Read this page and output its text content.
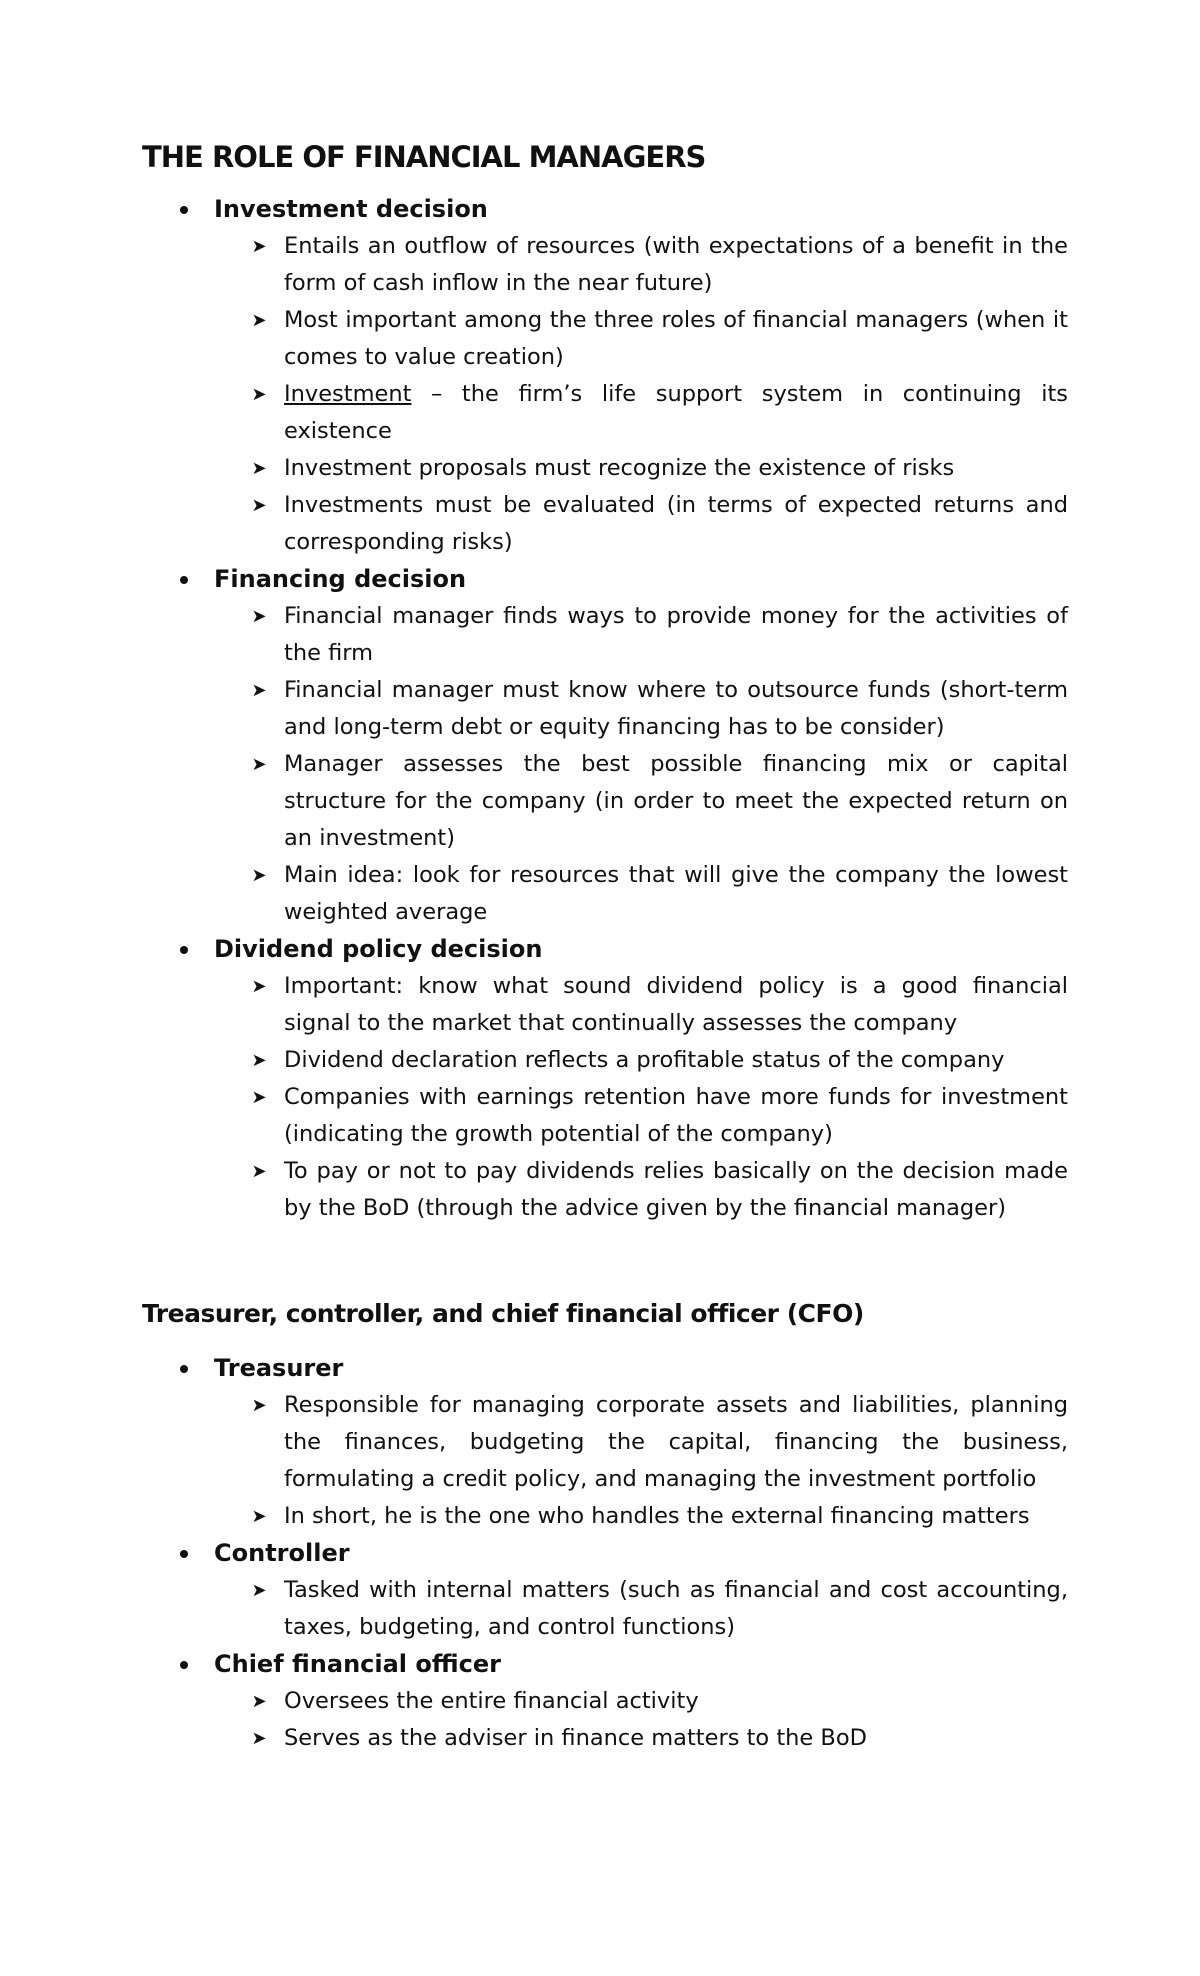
THE ROLE OF FINANCIAL MANAGERS
Investment decision
➤ Entails an outflow of resources (with expectations of a benefit in the form of cash inflow in the near future)
➤ Most important among the three roles of financial managers (when it comes to value creation)
➤ Investment – the firm’s life support system in continuing its existence
➤ Investment proposals must recognize the existence of risks
➤ Investments must be evaluated (in terms of expected returns and corresponding risks)
Financing decision
➤ Financial manager finds ways to provide money for the activities of the firm
➤ Financial manager must know where to outsource funds (short-term and long-term debt or equity financing has to be consider)
➤ Manager assesses the best possible financing mix or capital structure for the company (in order to meet the expected return on an investment)
➤ Main idea: look for resources that will give the company the lowest weighted average
Dividend policy decision
➤ Important: know what sound dividend policy is a good financial signal to the market that continually assesses the company
➤ Dividend declaration reflects a profitable status of the company
➤ Companies with earnings retention have more funds for investment (indicating the growth potential of the company)
➤ To pay or not to pay dividends relies basically on the decision made by the BoD (through the advice given by the financial manager)
Treasurer, controller, and chief financial officer (CFO)
Treasurer
➤ Responsible for managing corporate assets and liabilities, planning the finances, budgeting the capital, financing the business, formulating a credit policy, and managing the investment portfolio
➤ In short, he is the one who handles the external financing matters
Controller
➤ Tasked with internal matters (such as financial and cost accounting, taxes, budgeting, and control functions)
Chief financial officer
➤ Oversees the entire financial activity
➤ Serves as the adviser in finance matters to the BoD
